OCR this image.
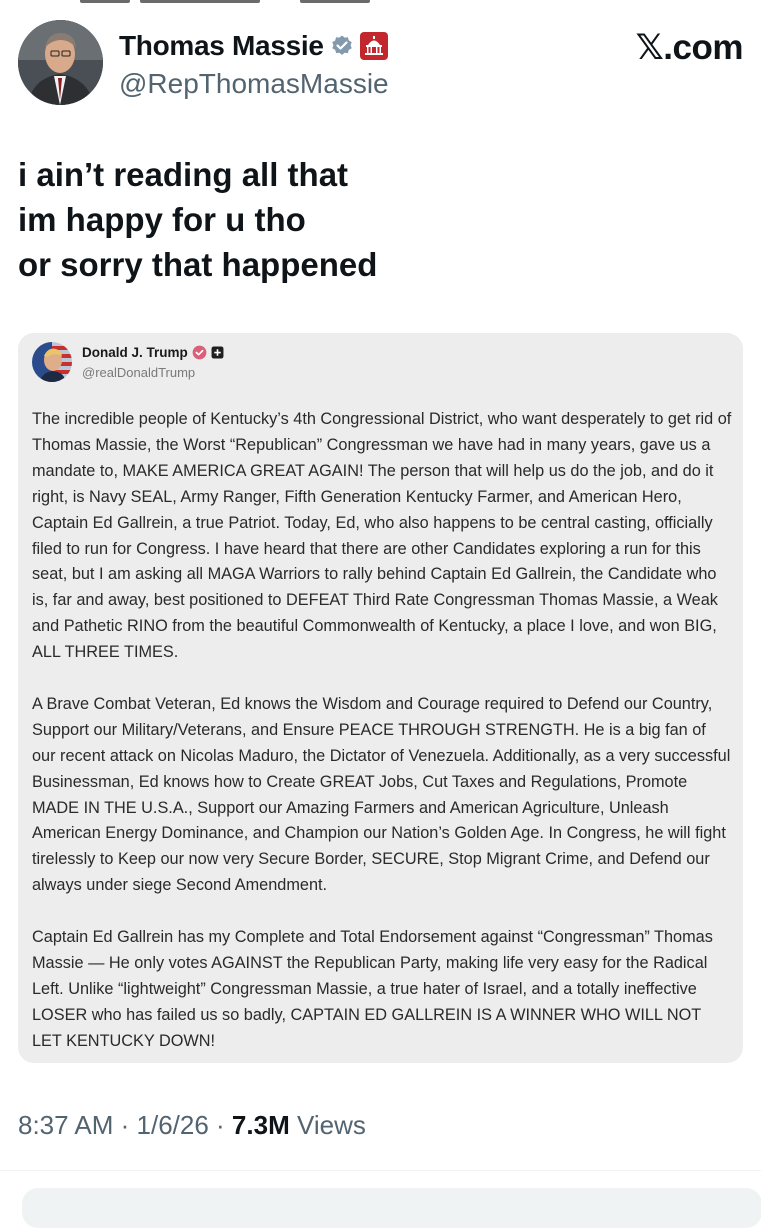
Thomas Massie
@RepThomasMassie
𝕏.com
i ain’t reading all that
im happy for u tho
or sorry that happened
Donald J. Trump
@realDonaldTrump

The incredible people of Kentucky’s 4th Congressional District, who want desperately to get rid of Thomas Massie, the Worst “Republican” Congressman we have had in many years, gave us a mandate to, MAKE AMERICA GREAT AGAIN! The person that will help us do the job, and do it right, is Navy SEAL, Army Ranger, Fifth Generation Kentucky Farmer, and American Hero, Captain Ed Gallrein, a true Patriot. Today, Ed, who also happens to be central casting, officially filed to run for Congress. I have heard that there are other Candidates exploring a run for this seat, but I am asking all MAGA Warriors to rally behind Captain Ed Gallrein, the Candidate who is, far and away, best positioned to DEFEAT Third Rate Congressman Thomas Massie, a Weak and Pathetic RINO from the beautiful Commonwealth of Kentucky, a place I love, and won BIG, ALL THREE TIMES.

A Brave Combat Veteran, Ed knows the Wisdom and Courage required to Defend our Country, Support our Military/Veterans, and Ensure PEACE THROUGH STRENGTH. He is a big fan of our recent attack on Nicolas Maduro, the Dictator of Venezuela. Additionally, as a very successful Businessman, Ed knows how to Create GREAT Jobs, Cut Taxes and Regulations, Promote MADE IN THE U.S.A., Support our Amazing Farmers and American Agriculture, Unleash American Energy Dominance, and Champion our Nation’s Golden Age. In Congress, he will fight tirelessly to Keep our now very Secure Border, SECURE, Stop Migrant Crime, and Defend our always under siege Second Amendment.

Captain Ed Gallrein has my Complete and Total Endorsement against “Congressman” Thomas Massie — He only votes AGAINST the Republican Party, making life very easy for the Radical Left. Unlike “lightweight” Congressman Massie, a true hater of Israel, and a totally ineffective LOSER who has failed us so badly, CAPTAIN ED GALLREIN IS A WINNER WHO WILL NOT LET KENTUCKY DOWN!

8:37 AM · 1/6/26 · 7.3M Views
